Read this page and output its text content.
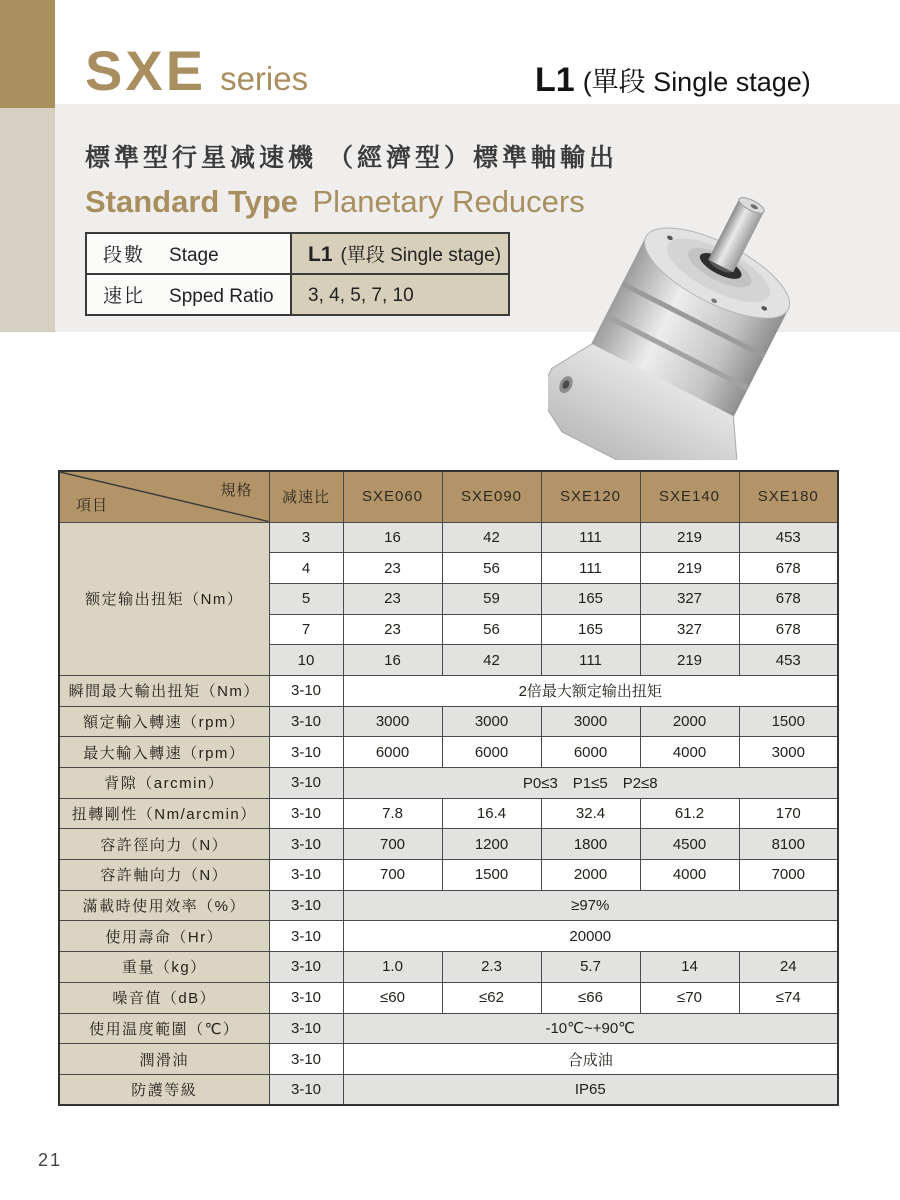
SXE series	L1 (單段 Single stage)
標準型行星减速機 （經濟型）標準軸輸出
Standard Type Planetary Reducers
段數 Stage	L1 (單段 Single stage)
速比 Spped Ratio	3, 4, 5, 7, 10
規格
項目	减速比	SXE060	SXE090	SXE120	SXE140	SXE180
额定输出扭矩（Nm）	3	16	42	111	219	453
	4	23	56	111	219	678
	5	23	59	165	327	678
	7	23	56	165	327	678
	10	16	42	111	219	453
瞬間最大輸出扭矩（Nm）	3-10	2倍最大额定输出扭矩				
額定輸入轉速（rpm）	3-10	3000	3000	3000	2000	1500
最大輸入轉速（rpm）	3-10	6000	6000	6000	4000	3000
背隙（arcmin）	3-10	P0≤3　P1≤5　P2≤8				
扭轉剛性（Nm/arcmin）	3-10	7.8	16.4	32.4	61.2	170
容許徑向力（N）	3-10	700	1200	1800	4500	8100
容許軸向力（N）	3-10	700	1500	2000	4000	7000
滿載時使用效率（%）	3-10	≥97%				
使用壽命（Hr）	3-10	20000				
重量（kg）	3-10	1.0	2.3	5.7	14	24
噪音值（dB）	3-10	≤60	≤62	≤66	≤70	≤74
使用温度範圍（℃）	3-10	-10℃~+90℃				
潤滑油	3-10	合成油				
防護等級	3-10	IP65				
21
